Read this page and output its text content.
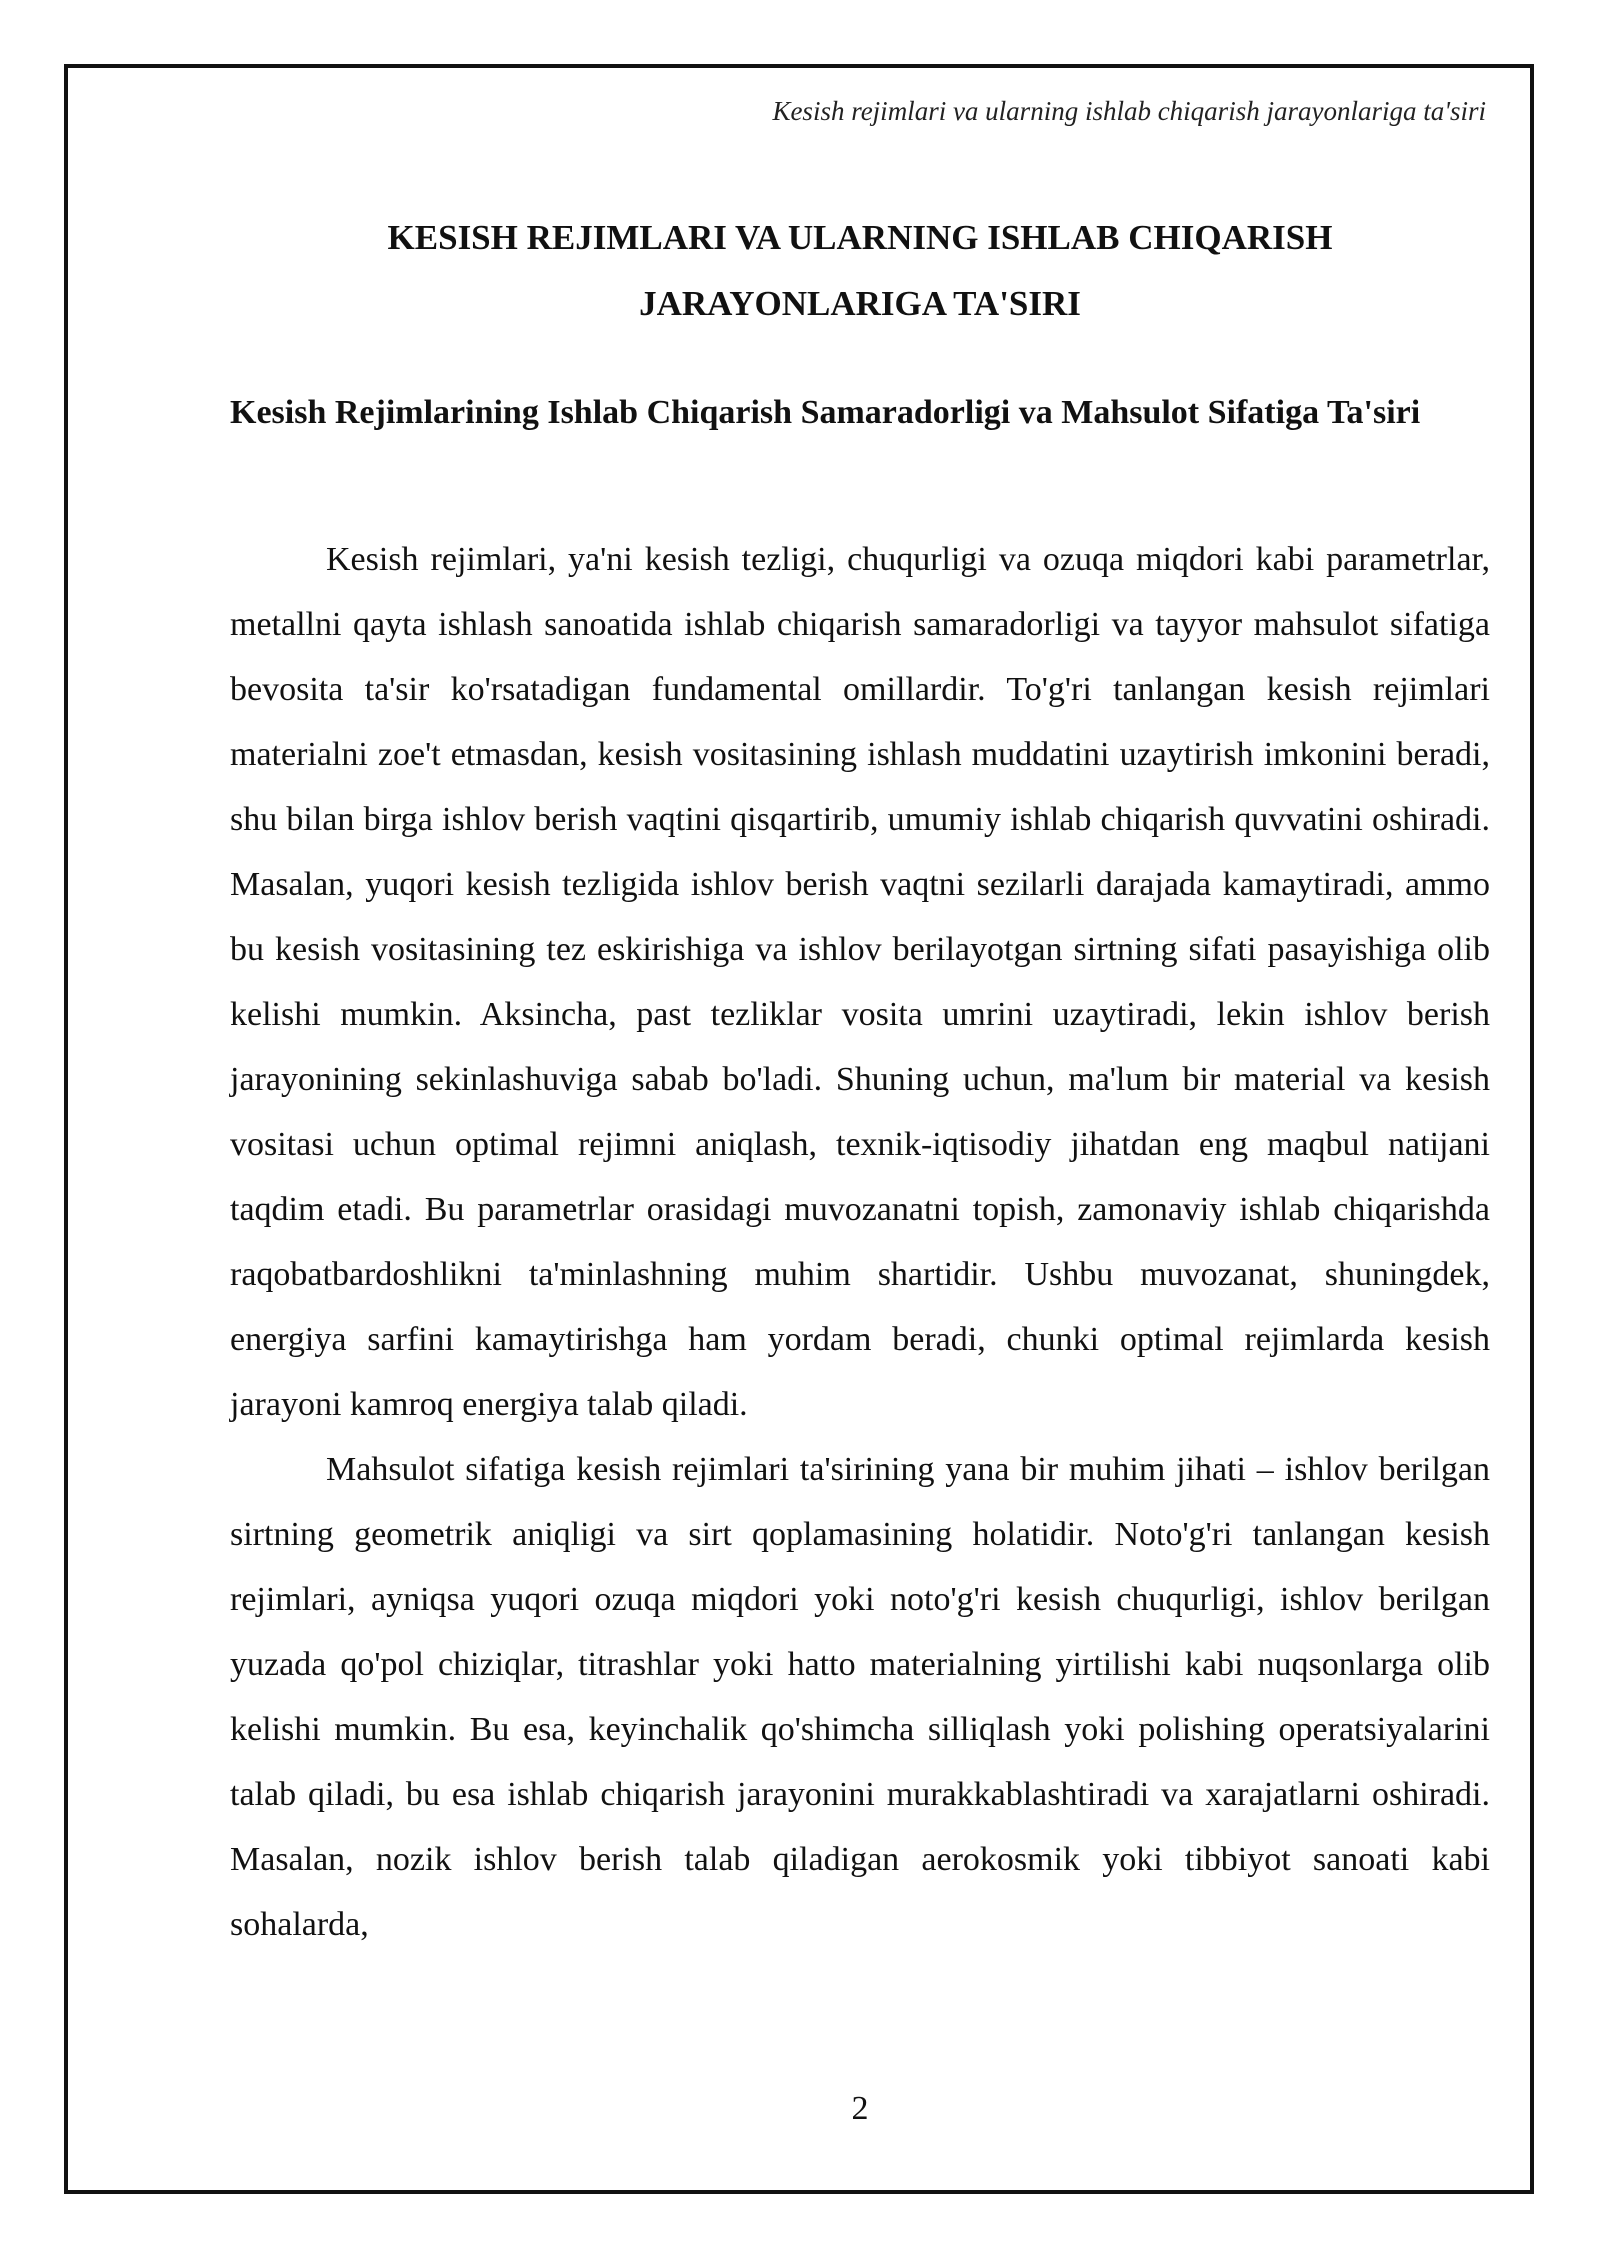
Kesish rejimlari va ularning ishlab chiqarish jarayonlariga ta'siri
KESISH REJIMLARI VA ULARNING ISHLAB CHIQARISH JARAYONLARIGA TA'SIRI
Kesish Rejimlarining Ishlab Chiqarish Samaradorligi va Mahsulot Sifatiga Ta'siri

Kesish rejimlari, ya'ni kesish tezligi, chuqurligi va ozuqa miqdori kabi parametrlar, metallni qayta ishlash sanoatida ishlab chiqarish samaradorligi va tayyor mahsulot sifatiga bevosita ta'sir ko'rsatadigan fundamental omillardir. To'g'ri tanlangan kesish rejimlari materialni zoe't etmasdan, kesish vositasining ishlash muddatini uzaytirish imkonini beradi, shu bilan birga ishlov berish vaqtini qisqartirib, umumiy ishlab chiqarish quvvatini oshiradi. Masalan, yuqori kesish tezligida ishlov berish vaqtni sezilarli darajada kamaytiradi, ammo bu kesish vositasining tez eskirishiga va ishlov berilayotgan sirtning sifati pasayishiga olib kelishi mumkin. Aksincha, past tezliklar vosita umrini uzaytiradi, lekin ishlov berish jarayonining sekinlashuviga sabab bo'ladi. Shuning uchun, ma'lum bir material va kesish vositasi uchun optimal rejimni aniqlash, texnik-iqtisodiy jihatdan eng maqbul natijani taqdim etadi. Bu parametrlar orasidagi muvozanatni topish, zamonaviy ishlab chiqarishda raqobatbardoshlikni ta'minlashning muhim shartidir. Ushbu muvozanat, shuningdek, energiya sarfini kamaytirishga ham yordam beradi, chunki optimal rejimlarda kesish jarayoni kamroq energiya talab qiladi.

Mahsulot sifatiga kesish rejimlari ta'sirining yana bir muhim jihati – ishlov berilgan sirtning geometrik aniqligi va sirt qoplamasining holatidir. Noto'g'ri tanlangan kesish rejimlari, ayniqsa yuqori ozuqa miqdori yoki noto'g'ri kesish chuqurligi, ishlov berilgan yuzada qo'pol chiziqlar, titrashlar yoki hatto materialning yirtilishi kabi nuqsonlarga olib kelishi mumkin. Bu esa, keyinchalik qo'shimcha silliqlash yoki polishing operatsiyalarini talab qiladi, bu esa ishlab chiqarish jarayonini murakkablashtiradi va xarajatlarni oshiradi. Masalan, nozik ishlov berish talab qiladigan aerokosmik yoki tibbiyot sanoati kabi sohalarda,

2
